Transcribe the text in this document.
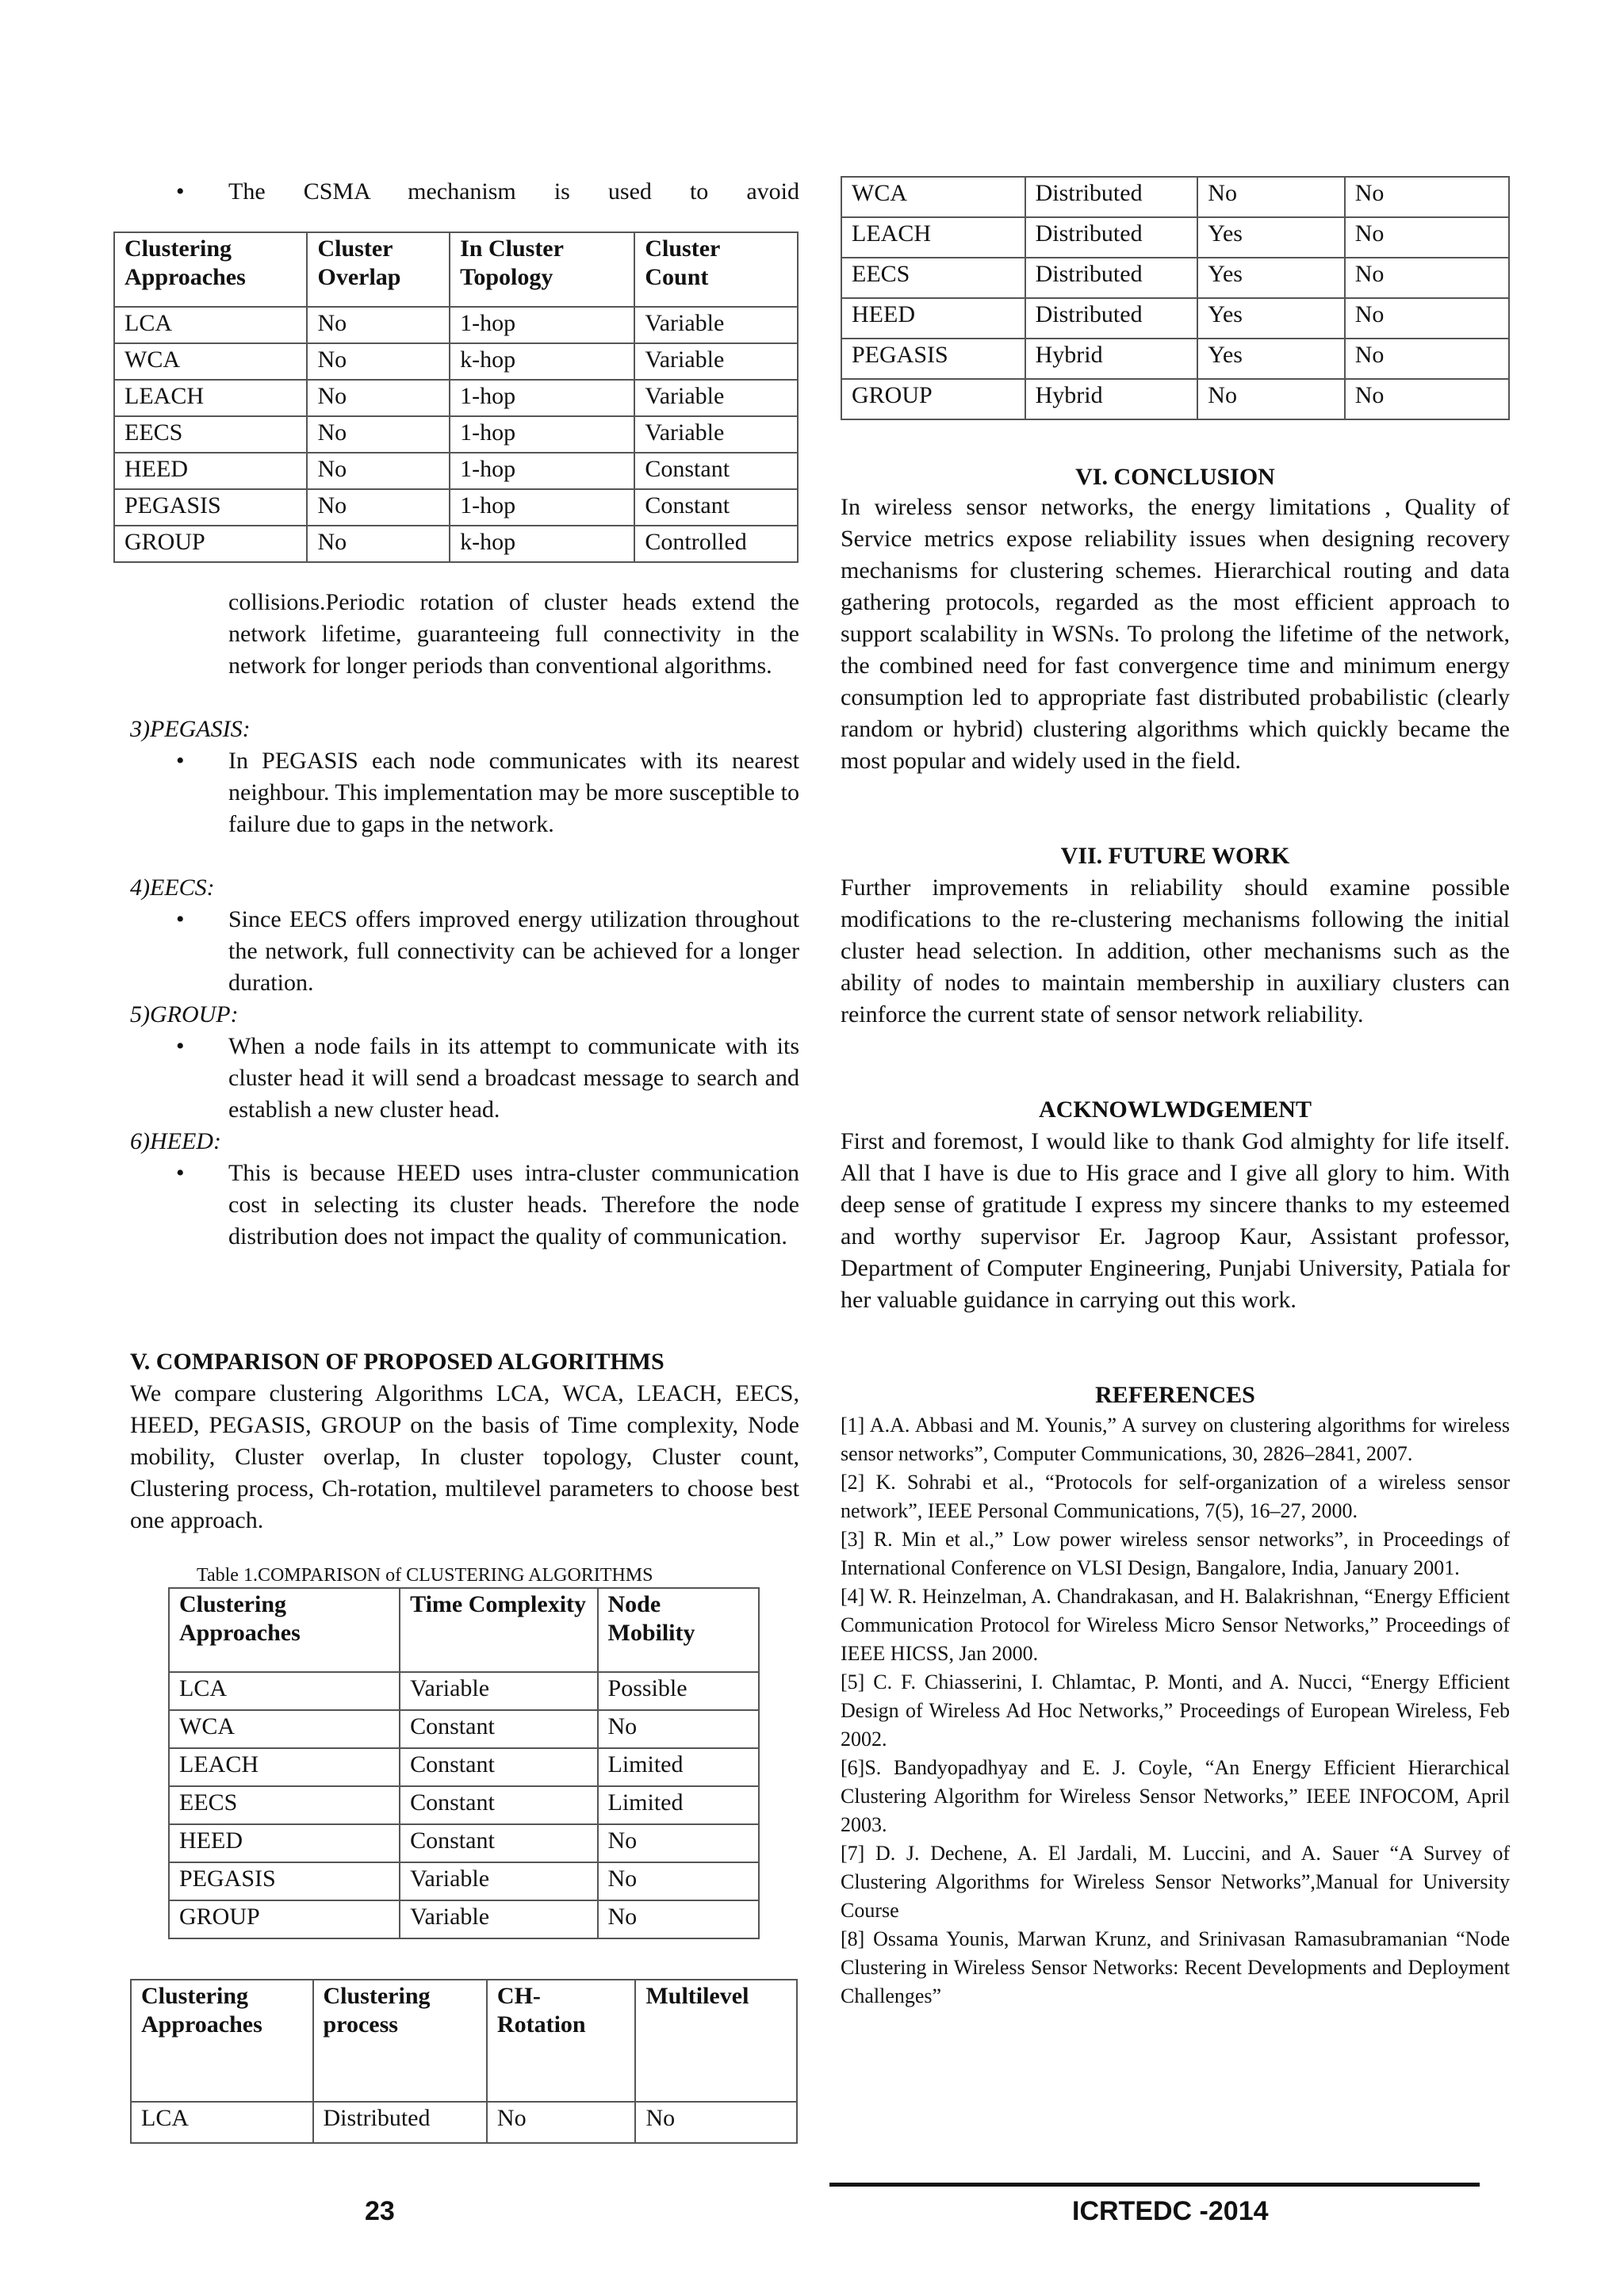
•	The CSMA mechanism is used to avoid
Clustering Approaches	Cluster Overlap	In Cluster Topology	Cluster Count
LCA	No	1-hop	Variable
WCA	No	k-hop	Variable
LEACH	No	1-hop	Variable
EECS	No	1-hop	Variable
HEED	No	1-hop	Constant
PEGASIS	No	1-hop	Constant
GROUP	No	k-hop	Controlled
collisions.Periodic rotation of cluster heads extend the network lifetime, guaranteeing full connectivity in the network for longer periods than conventional algorithms.
3)PEGASIS:
•	In PEGASIS each node communicates with its nearest neighbour. This implementation may be more susceptible to failure due to gaps in the network.
4)EECS:
•	Since EECS offers improved energy utilization throughout the network, full connectivity can be achieved for a longer duration.
5)GROUP:
•	When a node fails in its attempt to communicate with its cluster head it will send a broadcast message to search and establish a new cluster head.
6)HEED:
•	This is because HEED uses intra-cluster communication cost in selecting its cluster heads. Therefore the node distribution does not impact the quality of communication.
V. COMPARISON OF PROPOSED ALGORITHMS
We compare clustering Algorithms LCA, WCA, LEACH, EECS, HEED, PEGASIS, GROUP on the basis of Time complexity, Node mobility, Cluster overlap, In cluster topology, Cluster count, Clustering process, Ch-rotation, multilevel parameters to choose best one approach.
Table 1.COMPARISON of CLUSTERING ALGORITHMS
Clustering Approaches	Time Complexity	Node Mobility
LCA	Variable	Possible
WCA	Constant	No
LEACH	Constant	Limited
EECS	Constant	Limited
HEED	Constant	No
PEGASIS	Variable	No
GROUP	Variable	No
Clustering Approaches	Clustering process	CH-Rotation	Multilevel
LCA	Distributed	No	No
WCA	Distributed	No	No
LEACH	Distributed	Yes	No
EECS	Distributed	Yes	No
HEED	Distributed	Yes	No
PEGASIS	Hybrid	Yes	No
GROUP	Hybrid	No	No
VI. CONCLUSION
In wireless sensor networks, the energy limitations , Quality of Service metrics expose reliability issues when designing recovery mechanisms for clustering schemes. Hierarchical routing and data gathering protocols, regarded as the most efficient approach to support scalability in WSNs. To prolong the lifetime of the network, the combined need for fast convergence time and minimum energy consumption led to appropriate fast distributed probabilistic (clearly random or hybrid) clustering algorithms which quickly became the most popular and widely used in the field.
VII. FUTURE WORK
Further improvements in reliability should examine possible modifications to the re-clustering mechanisms following the initial cluster head selection. In addition, other mechanisms such as the ability of nodes to maintain membership in auxiliary clusters can reinforce the current state of sensor network reliability.
ACKNOWLWDGEMENT
First and foremost, I would like to thank God almighty for life itself. All that I have is due to His grace and I give all glory to him. With deep sense of gratitude I express my sincere thanks to my esteemed and worthy supervisor Er. Jagroop Kaur, Assistant professor, Department of Computer Engineering, Punjabi University, Patiala for her valuable guidance in carrying out this work.
REFERENCES

[1] A.A. Abbasi and M. Younis,” A survey on clustering algorithms for wireless sensor networks”, Computer Communications, 30, 2826–2841, 2007.

[2] K. Sohrabi et al., “Protocols for self-organization of a wireless sensor network”, IEEE Personal Communications, 7(5), 16–27, 2000.

[3] R. Min et al.,” Low power wireless sensor networks”, in Proceedings of International Conference on VLSI Design, Bangalore, India, January 2001.

[4] W. R. Heinzelman, A. Chandrakasan, and H. Balakrishnan, “Energy Efficient Communication Protocol for Wireless Micro Sensor Networks,” Proceedings of IEEE HICSS, Jan 2000.

[5] C. F. Chiasserini, I. Chlamtac, P. Monti, and A. Nucci, “Energy Efficient Design of Wireless Ad Hoc Networks,” Proceedings of European Wireless, Feb 2002.

[6]S. Bandyopadhyay and E. J. Coyle, “An Energy Efficient Hierarchical Clustering Algorithm for Wireless Sensor Networks,” IEEE INFOCOM, April 2003.

[7] D. J. Dechene, A. El Jardali, M. Luccini, and A. Sauer “A Survey of Clustering Algorithms for Wireless Sensor Networks”,Manual for University Course

[8] Ossama Younis, Marwan Krunz, and Srinivasan Ramasubramanian “Node Clustering in Wireless Sensor Networks: Recent Developments and Deployment Challenges”

23	ICRTEDC -2014
